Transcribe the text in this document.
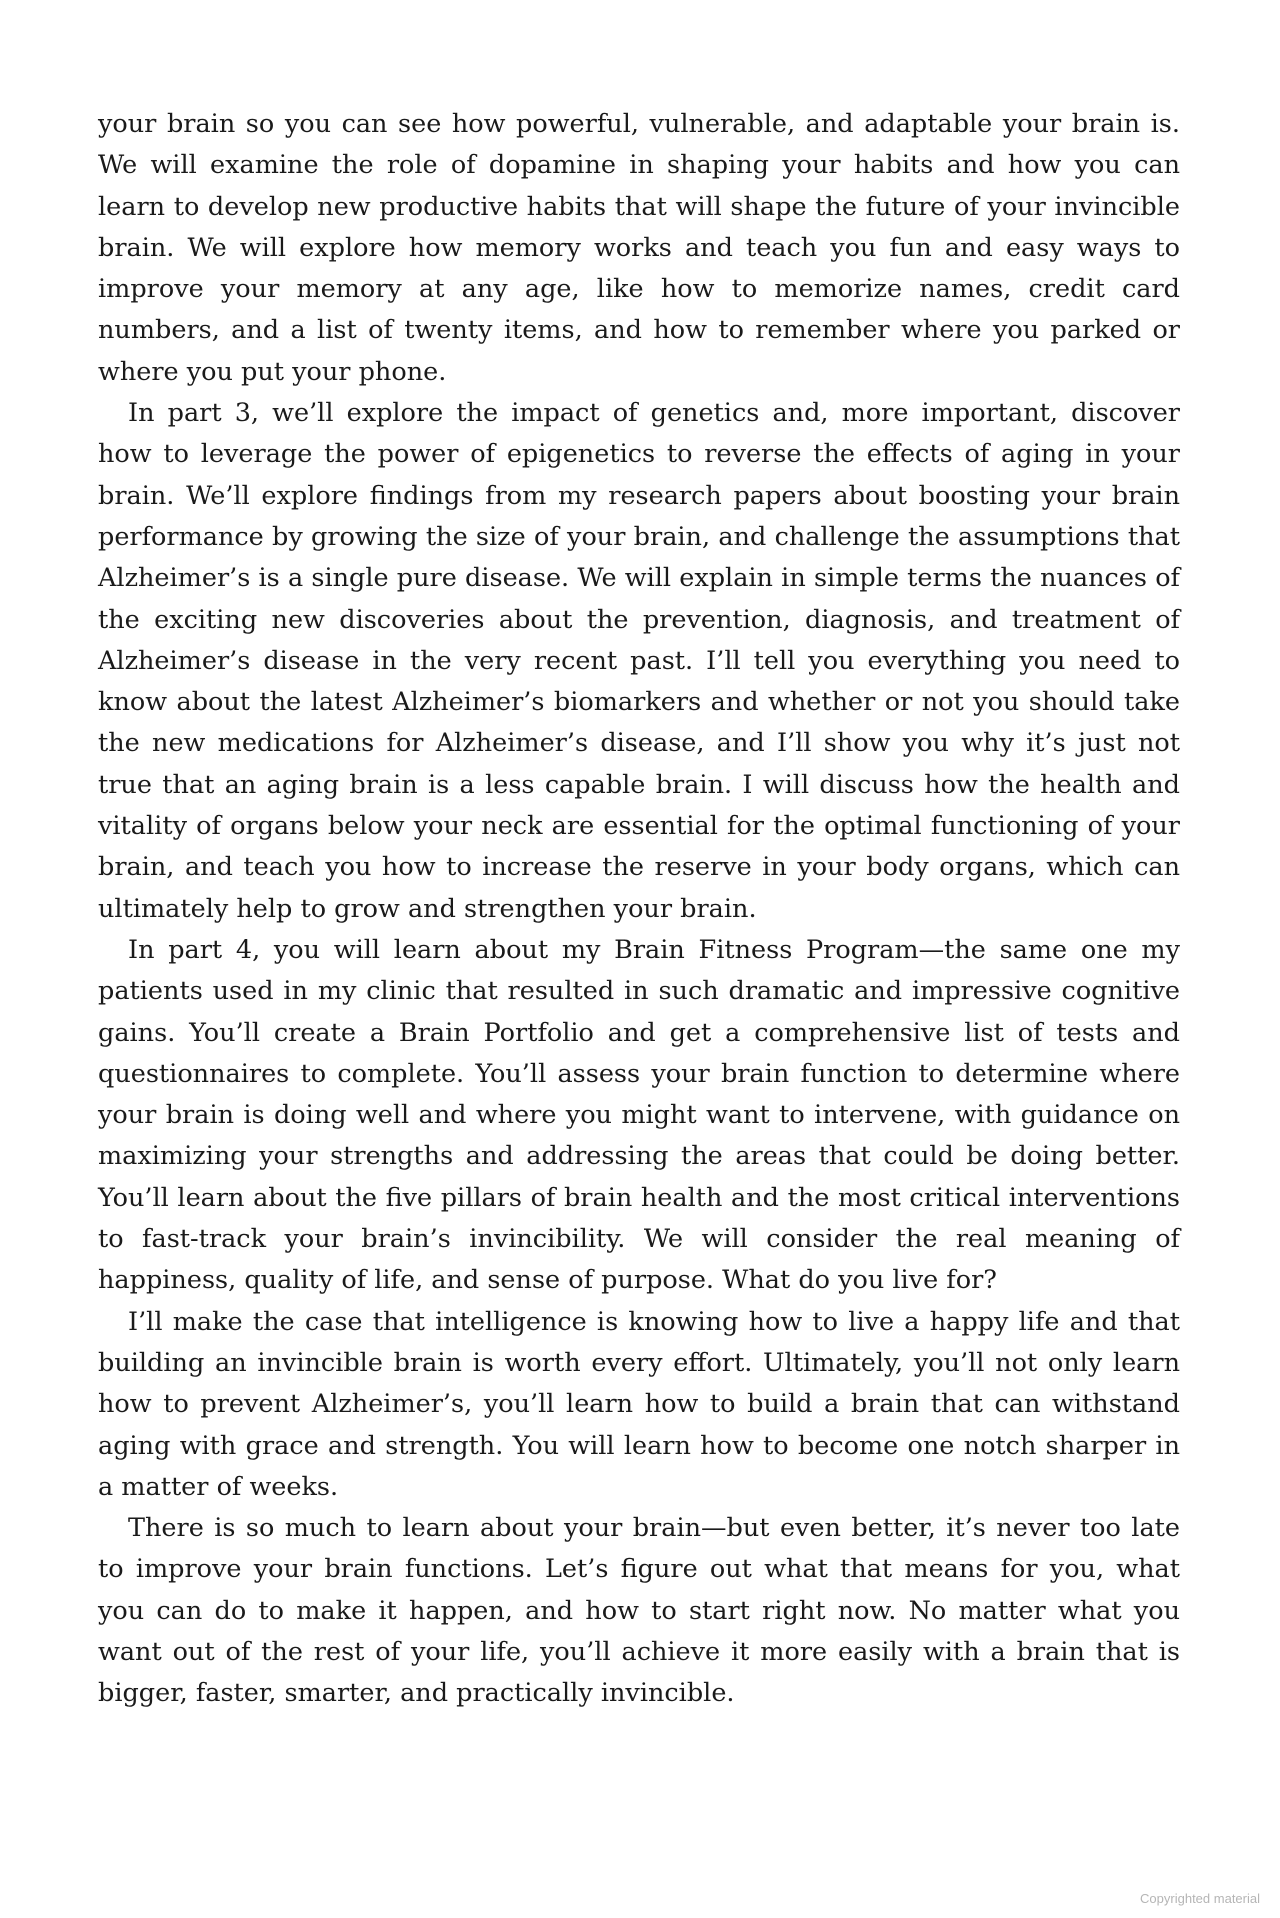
your brain so you can see how powerful, vulnerable, and adaptable your brain is. We will examine the role of dopamine in shaping your habits and how you can learn to develop new productive habits that will shape the future of your invincible brain. We will explore how memory works and teach you fun and easy ways to improve your memory at any age, like how to memorize names, credit card numbers, and a list of twenty items, and how to remember where you parked or where you put your phone.

In part 3, we’ll explore the impact of genetics and, more important, discover how to leverage the power of epigenetics to reverse the effects of aging in your brain. We’ll explore findings from my research papers about boosting your brain performance by growing the size of your brain, and challenge the assumptions that Alzheimer’s is a single pure disease. We will explain in simple terms the nuances of the exciting new discoveries about the prevention, diagnosis, and treatment of Alzheimer’s disease in the very recent past. I’ll tell you everything you need to know about the latest Alzheimer’s biomarkers and whether or not you should take the new medications for Alzheimer’s disease, and I’ll show you why it’s just not true that an aging brain is a less capable brain. I will discuss how the health and vitality of organs below your neck are essential for the optimal functioning of your brain, and teach you how to increase the reserve in your body organs, which can ultimately help to grow and strengthen your brain.

In part 4, you will learn about my Brain Fitness Program—the same one my patients used in my clinic that resulted in such dramatic and impressive cognitive gains. You’ll create a Brain Portfolio and get a comprehensive list of tests and questionnaires to complete. You’ll assess your brain function to determine where your brain is doing well and where you might want to intervene, with guidance on maximizing your strengths and addressing the areas that could be doing better. You’ll learn about the five pillars of brain health and the most critical interventions to fast-track your brain’s invincibility. We will consider the real meaning of happiness, quality of life, and sense of purpose. What do you live for?

I’ll make the case that intelligence is knowing how to live a happy life and that building an invincible brain is worth every effort. Ultimately, you’ll not only learn how to prevent Alzheimer’s, you’ll learn how to build a brain that can withstand aging with grace and strength. You will learn how to become one notch sharper in a matter of weeks.

There is so much to learn about your brain—but even better, it’s never too late to improve your brain functions. Let’s figure out what that means for you, what you can do to make it happen, and how to start right now. No matter what you want out of the rest of your life, you’ll achieve it more easily with a brain that is bigger, faster, smarter, and practically invincible.

Copyrighted material
